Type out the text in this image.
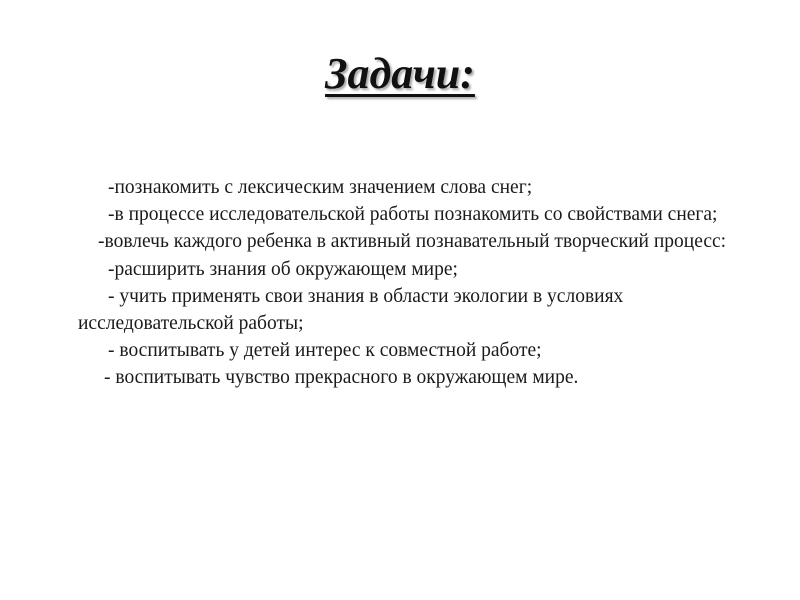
Задачи:

-познакомить с лексическим значением слова снег;

-в процессе исследовательской работы познакомить со свойствами снега;

-вовлечь каждого ребенка в активный познавательный творческий процесс:

-расширить знания об окружающем мире;

- учить применять свои знания в области экологии в условиях исследовательской работы;

- воспитывать у детей интерес к совместной работе;

- воспитывать чувство прекрасного в окружающем мире.
